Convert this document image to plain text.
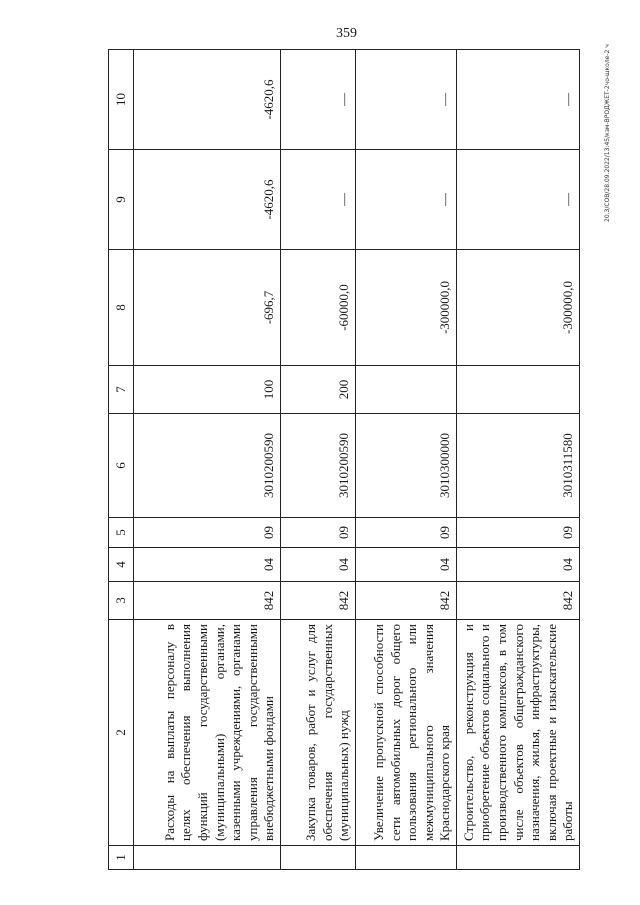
359
20.3/СОВ/28.09.2022/13:45/кзм-ВРОДЖЕТ-2чо-школе-2 ч
1	2	3	4	5	6	7	8	9	10
	Расходы на выплаты персоналу в целях обеспечения выполнения функций государственными (муниципальными) органами, казенными учреждениями, органами управления государственными внебюджетными фондами	842	04	09	3010200590	100	-696,7	-4620,6	-4620,6
	Закупка товаров, работ и услуг для обеспечения государственных (муниципальных) нужд	842	04	09	3010200590	200	-60000,0	—	—
	Увеличение пропускной способности сети автомобильных дорог общего пользования регионального или межмуниципального значения Краснодарского края	842	04	09	3010300000		-300000,0	—	—
	Строительство, реконструкция и приобретение объектов социального и производственного комплексов, в том числе объектов общегражданского назначения, жилья, инфраструктуры, включая проектные и изыскательские работы	842	04	09	3010311580		-300000,0	—	—
